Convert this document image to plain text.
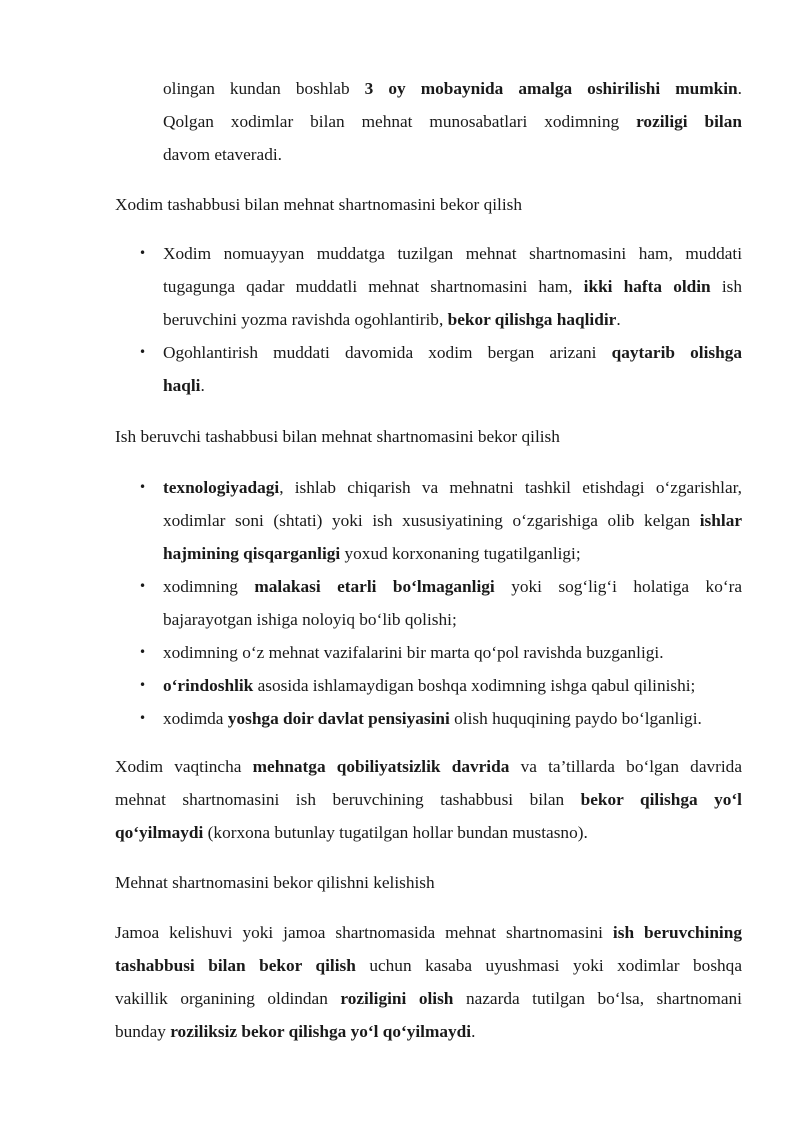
olingan kundan boshlab 3 oy mobaynida amalga oshirilishi mumkin.
Qolgan xodimlar bilan mehnat munosabatlari xodimning roziligi bilan
davom etaveradi.
Xodim tashabbusi bilan mehnat shartnomasini bekor qilish
• Xodim nomuayyan muddatga tuzilgan mehnat shartnomasini ham, muddati
tugagunga qadar muddatli mehnat shartnomasini ham, ikki hafta oldin ish
beruvchini yozma ravishda ogohlantirib, bekor qilishga haqlidir.
• Ogohlantirish muddati davomida xodim bergan arizani qaytarib olishga
haqli.
Ish beruvchi tashabbusi bilan mehnat shartnomasini bekor qilish
• texnologiyadagi, ishlab chiqarish va mehnatni tashkil etishdagi o‘zgarishlar,
xodimlar soni (shtati) yoki ish xususiyatining o‘zgarishiga olib kelgan ishlar
hajmining qisqarganligi yoxud korxonaning tugatilganligi;
• xodimning malakasi etarli bo‘lmaganligi yoki sog‘lig‘i holatiga ko‘ra
bajarayotgan ishiga noloyiq bo‘lib qolishi;
• xodimning o‘z mehnat vazifalarini bir marta qo‘pol ravishda buzganligi.
• o‘rindoshlik asosida ishlamaydigan boshqa xodimning ishga qabul qilinishi;
• xodimda yoshga doir davlat pensiyasini olish huquqining paydo bo‘lganligi.
Xodim vaqtincha mehnatga qobiliyatsizlik davrida va ta’tillarda bo‘lgan davrida
mehnat shartnomasini ish beruvchining tashabbusi bilan bekor qilishga yo‘l
qo‘yilmaydi (korxona butunlay tugatilgan hollar bundan mustasno).
Mehnat shartnomasini bekor qilishni kelishish
Jamoa kelishuvi yoki jamoa shartnomasida mehnat shartnomasini ish beruvchining
tashabbusi bilan bekor qilish uchun kasaba uyushmasi yoki xodimlar boshqa
vakillik organining oldindan roziligini olish nazarda tutilgan bo‘lsa, shartnomani
bunday roziliksiz bekor qilishga yo‘l qo‘yilmaydi.
